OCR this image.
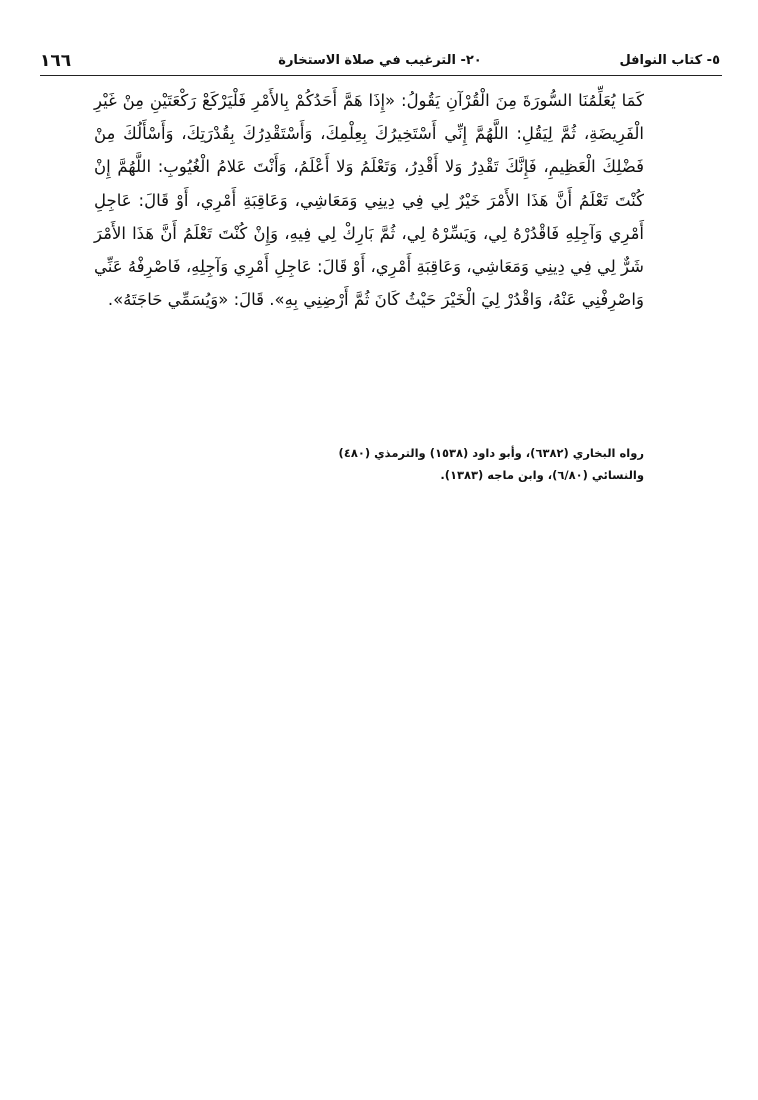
٥- كتاب النوافل
٢٠- الترغيب في صلاة الاستخارة
١٦٦

كَمَا يُعَلِّمُنَا السُّورَةَ مِنَ الْقُرْآنِ يَقُولُ: «إِذَا هَمَّ أَحَدُكُمْ بِالأَمْرِ فَلْيَرْكَعْ رَكْعَتَيْنِ مِنْ غَيْرِ الْفَرِيضَةِ، ثُمَّ لِيَقُلِ: اللَّهُمَّ إِنِّي أَسْتَخِيرُكَ بِعِلْمِكَ، وَأَسْتَقْدِرُكَ بِقُدْرَتِكَ، وَأَسْأَلُكَ مِنْ فَضْلِكَ الْعَظِيمِ، فَإِنَّكَ تَقْدِرُ وَلا أَقْدِرُ، وَتَعْلَمُ وَلا أَعْلَمُ، وَأَنْتَ عَلامُ الْغُيُوبِ: اللَّهُمَّ إِنْ كُنْتَ تَعْلَمُ أَنَّ هَذَا الأَمْرَ خَيْرٌ لِي فِي دِينِي وَمَعَاشِي، وَعَاقِبَةِ أَمْرِي، أَوْ قَالَ: عَاجِلِ أَمْرِي وَآجِلِهِ فَاقْدُرْهُ لِي، وَيَسِّرْهُ لِي، ثُمَّ بَارِكْ لِي فِيهِ، وَإِنْ كُنْتَ تَعْلَمُ أَنَّ هَذَا الأَمْرَ شَرٌّ لِي فِي دِينِي وَمَعَاشِي، وَعَاقِبَةِ أَمْرِي، أَوْ قَالَ: عَاجِلِ أَمْرِي وَآجِلِهِ، فَاصْرِفْهُ عَنِّي وَاصْرِفْنِي عَنْهُ، وَاقْدُرْ لِيَ الْخَيْرَ حَيْثُ كَانَ ثُمَّ أَرْضِنِي بِهِ». قَالَ: «وَيُسَمِّي حَاجَتَهُ».

رواه البخاري (٦٣٨٢)، وأبو داود (١٥٣٨) والترمذي (٤٨٠)

والنسائي (٦/٨٠)، وابن ماجه (١٣٨٣).
